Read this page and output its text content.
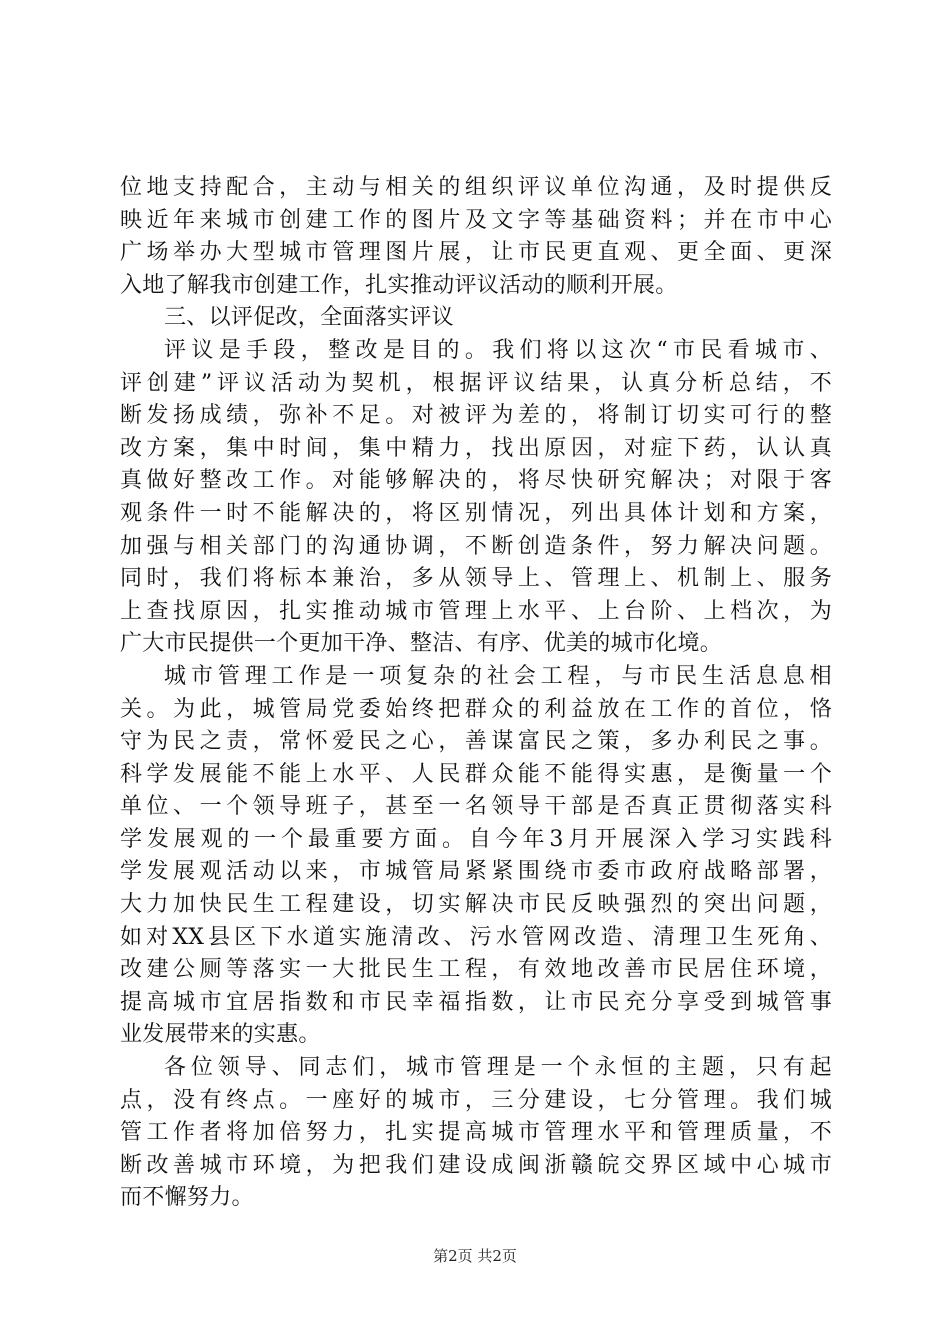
位地支持配合，主动与相关的组织评议单位沟通，及时提供反
映近年来城市创建工作的图片及文字等基础资料；并在市中心
广场举办大型城市管理图片展，让市民更直观、更全面、更深
入地了解我市创建工作，扎实推动评议活动的顺利开展。
三、以评促改，全面落实评议
评议是手段，整改是目的。我们将以这次“市民看城市、
评创建”评议活动为契机，根据评议结果，认真分析总结，不
断发扬成绩，弥补不足。对被评为差的，将制订切实可行的整
改方案，集中时间，集中精力，找出原因，对症下药，认认真
真做好整改工作。对能够解决的，将尽快研究解决；对限于客
观条件一时不能解决的，将区别情况，列出具体计划和方案，
加强与相关部门的沟通协调，不断创造条件，努力解决问题。
同时，我们将标本兼治，多从领导上、管理上、机制上、服务
上查找原因，扎实推动城市管理上水平、上台阶、上档次，为
广大市民提供一个更加干净、整洁、有序、优美的城市化境。
城市管理工作是一项复杂的社会工程，与市民生活息息相
关。为此，城管局党委始终把群众的利益放在工作的首位，恪
守为民之责，常怀爱民之心，善谋富民之策，多办利民之事。
科学发展能不能上水平、人民群众能不能得实惠，是衡量一个
单位、一个领导班子，甚至一名领导干部是否真正贯彻落实科
学发展观的一个最重要方面。自今年3月开展深入学习实践科
学发展观活动以来，市城管局紧紧围绕市委市政府战略部署，
大力加快民生工程建设，切实解决市民反映强烈的突出问题，
如对XX县区下水道实施清改、污水管网改造、清理卫生死角、
改建公厕等落实一大批民生工程，有效地改善市民居住环境，
提高城市宜居指数和市民幸福指数，让市民充分享受到城管事
业发展带来的实惠。
各位领导、同志们，城市管理是一个永恒的主题，只有起
点，没有终点。一座好的城市，三分建设，七分管理。我们城
管工作者将加倍努力，扎实提高城市管理水平和管理质量，不
断改善城市环境，为把我们建设成闽浙赣皖交界区域中心城市
而不懈努力。
第2页 共2页
